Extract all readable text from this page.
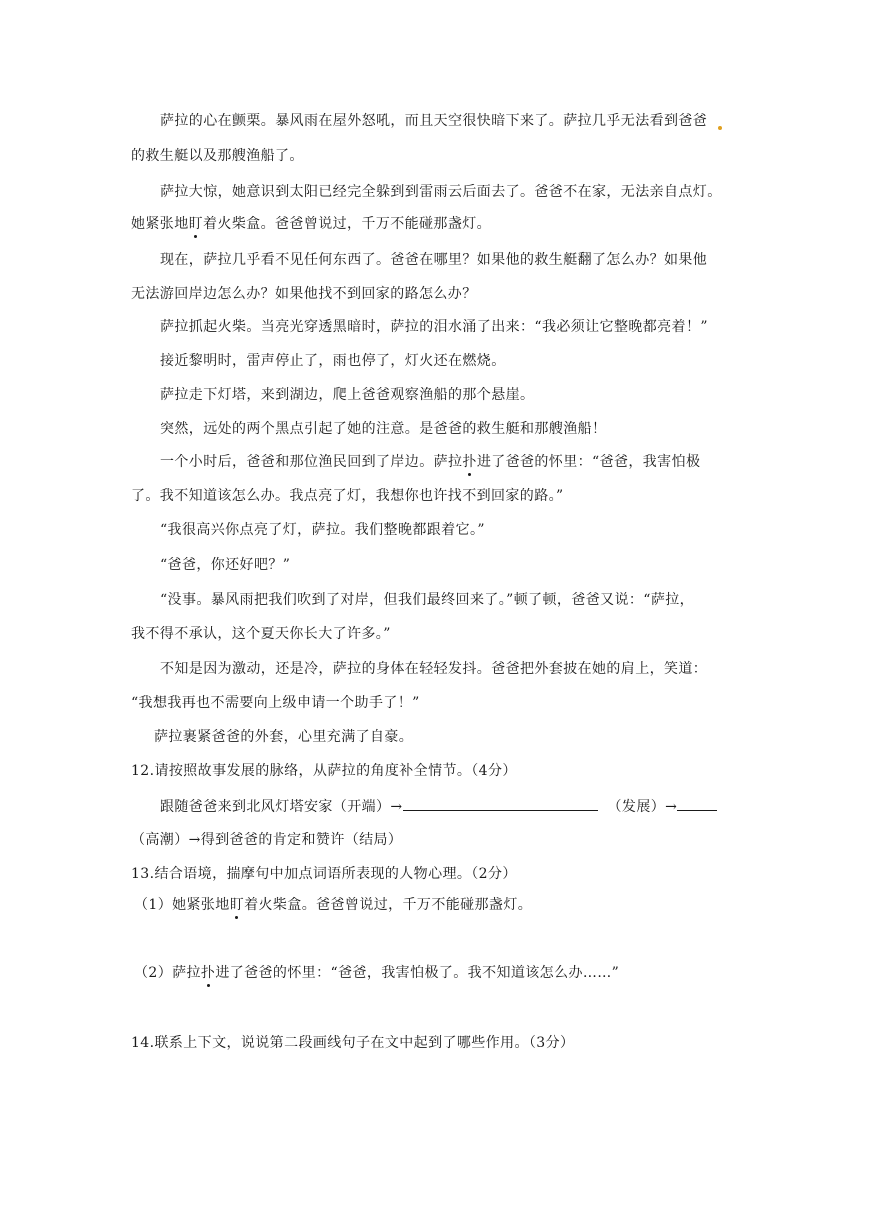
萨拉的心在颤栗。暴风雨在屋外怒吼，而且天空很快暗下来了。萨拉几乎无法看到爸爸
的救生艇以及那艘渔船了。
萨拉大惊，她意识到太阳已经完全躲到到雷雨云后面去了。爸爸不在家，无法亲自点灯。
她紧张地盯着火柴盒。爸爸曾说过，千万不能碰那盏灯。
现在，萨拉几乎看不见任何东西了。爸爸在哪里？如果他的救生艇翻了怎么办？如果他
无法游回岸边怎么办？如果他找不到回家的路怎么办？
萨拉抓起火柴。当亮光穿透黑暗时，萨拉的泪水涌了出来：“我必须让它整晚都亮着！”
接近黎明时，雷声停止了，雨也停了，灯火还在燃烧。
萨拉走下灯塔，来到湖边，爬上爸爸观察渔船的那个悬崖。
突然，远处的两个黑点引起了她的注意。是爸爸的救生艇和那艘渔船！
一个小时后，爸爸和那位渔民回到了岸边。萨拉扑进了爸爸的怀里：“爸爸，我害怕极
了。我不知道该怎么办。我点亮了灯，我想你也许找不到回家的路。”
“我很高兴你点亮了灯，萨拉。我们整晚都跟着它。”
“爸爸，你还好吧？”
“没事。暴风雨把我们吹到了对岸，但我们最终回来了。”顿了顿，爸爸又说：“萨拉，
我不得不承认，这个夏天你长大了许多。”
不知是因为激动，还是冷，萨拉的身体在轻轻发抖。爸爸把外套披在她的肩上，笑道：
“我想我再也不需要向上级申请一个助手了！”
萨拉裹紧爸爸的外套，心里充满了自豪。
12.请按照故事发展的脉络，从萨拉的角度补全情节。（4分）
跟随爸爸来到北风灯塔安家（开端）→	（发展）→
（高潮）→得到爸爸的肯定和赞许（结局）
13.结合语境，揣摩句中加点词语所表现的人物心理。（2分）
（1）她紧张地盯着火柴盒。爸爸曾说过，千万不能碰那盏灯。
（2）萨拉扑进了爸爸的怀里：“爸爸，我害怕极了。我不知道该怎么办……”
14.联系上下文，说说第二段画线句子在文中起到了哪些作用。（3分）
